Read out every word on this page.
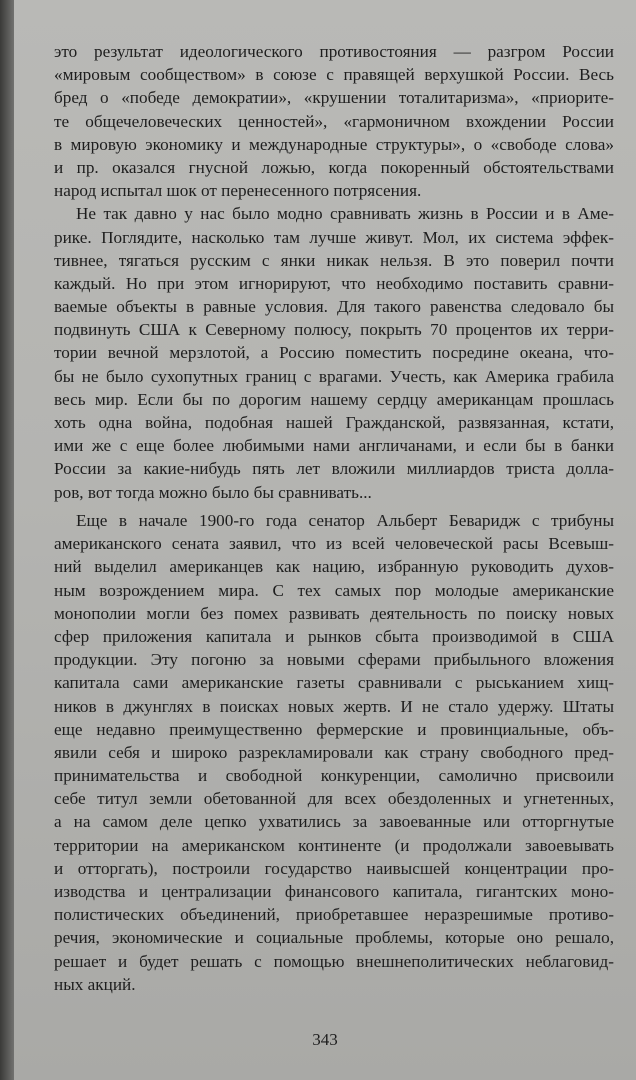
это результат идеологического противостояния — разгром России
«мировым сообществом» в союзе с правящей верхушкой России. Весь
бред о «победе демократии», «крушении тоталитаризма», «приорите-
те общечеловеческих ценностей», «гармоничном вхождении России
в мировую экономику и международные структуры», о «свободе слова»
и пр. оказался гнусной ложью, когда покоренный обстоятельствами
народ испытал шок от перенесенного потрясения.
Не так давно у нас было модно сравнивать жизнь в России и в Аме-
рике. Поглядите, насколько там лучше живут. Мол, их система эффек-
тивнее, тягаться русским с янки никак нельзя. В это поверил почти
каждый. Но при этом игнорируют, что необходимо поставить сравни-
ваемые объекты в равные условия. Для такого равенства следовало бы
подвинуть США к Северному полюсу, покрыть 70 процентов их терри-
тории вечной мерзлотой, а Россию поместить посредине океана, что-
бы не было сухопутных границ с врагами. Учесть, как Америка грабила
весь мир. Если бы по дорогим нашему сердцу американцам прошлась
хоть одна война, подобная нашей Гражданской, развязанная, кстати,
ими же с еще более любимыми нами англичанами, и если бы в банки
России за какие-нибудь пять лет вложили миллиардов триста долла-
ров, вот тогда можно было бы сравнивать...
Еще в начале 1900-го года сенатор Альберт Беваридж с трибуны
американского сената заявил, что из всей человеческой расы Всевыш-
ний выделил американцев как нацию, избранную руководить духов-
ным возрождением мира. С тех самых пор молодые американские
монополии могли без помех развивать деятельность по поиску новых
сфер приложения капитала и рынков сбыта производимой в США
продукции. Эту погоню за новыми сферами прибыльного вложения
капитала сами американские газеты сравнивали с рыськанием хищ-
ников в джунглях в поисках новых жертв. И не стало удержу. Штаты
еще недавно преимущественно фермерские и провинциальные, объ-
явили себя и широко разрекламировали как страну свободного пред-
принимательства и свободной конкуренции, самолично присвоили
себе титул земли обетованной для всех обездоленных и угнетенных,
а на самом деле цепко ухватились за завоеванные или отторгнутые
территории на американском континенте (и продолжали завоевывать
и отторгать), построили государство наивысшей концентрации про-
изводства и централизации финансового капитала, гигантских моно-
полистических объединений, приобретавшее неразрешимые противо-
речия, экономические и социальные проблемы, которые оно решало,
решает и будет решать с помощью внешнеполитических неблаговид-
ных акций.
343
